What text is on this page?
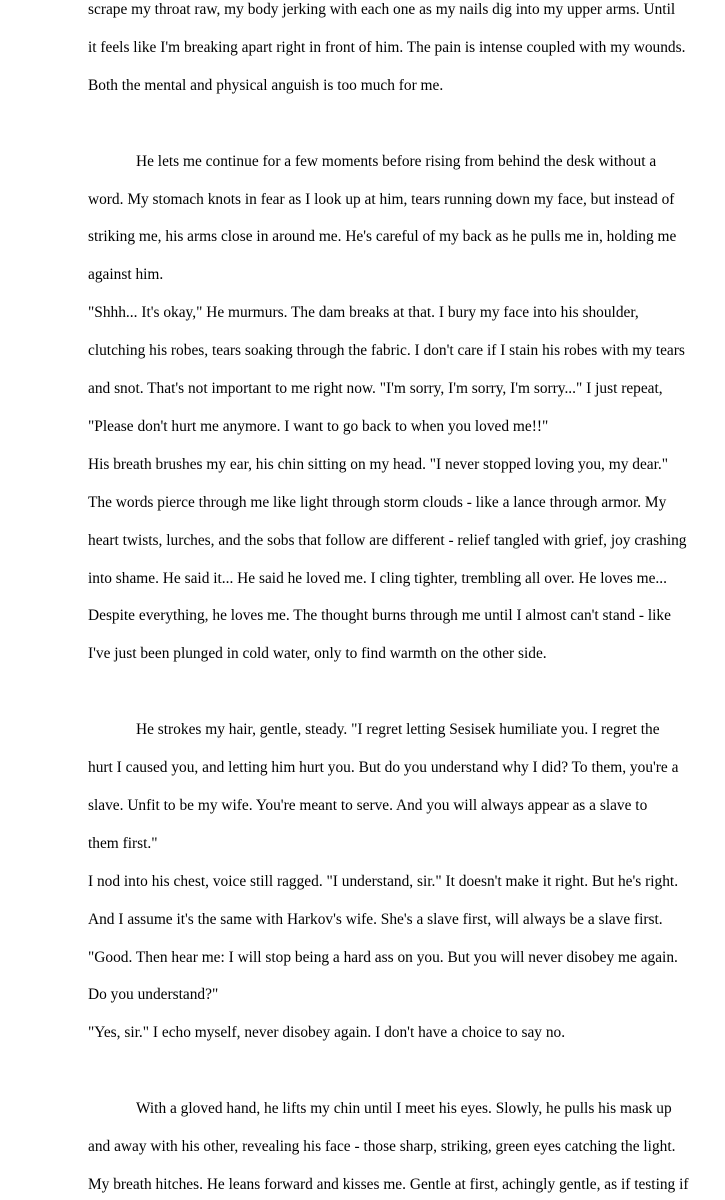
scrape my throat raw, my body jerking with each one as my nails dig into my upper arms. Until
it feels like I'm breaking apart right in front of him. The pain is intense coupled with my wounds.
Both the mental and physical anguish is too much for me.
He lets me continue for a few moments before rising from behind the desk without a
word. My stomach knots in fear as I look up at him, tears running down my face, but instead of
striking me, his arms close in around me. He's careful of my back as he pulls me in, holding me
against him.
"Shhh... It's okay," He murmurs. The dam breaks at that. I bury my face into his shoulder,
clutching his robes, tears soaking through the fabric. I don't care if I stain his robes with my tears
and snot. That's not important to me right now. "I'm sorry, I'm sorry, I'm sorry..." I just repeat,
"Please don't hurt me anymore. I want to go back to when you loved me!!"
His breath brushes my ear, his chin sitting on my head. "I never stopped loving you, my dear."
The words pierce through me like light through storm clouds - like a lance through armor. My
heart twists, lurches, and the sobs that follow are different - relief tangled with grief, joy crashing
into shame. He said it... He said he loved me. I cling tighter, trembling all over. He loves me...
Despite everything, he loves me. The thought burns through me until I almost can't stand - like
I've just been plunged in cold water, only to find warmth on the other side.
He strokes my hair, gentle, steady. "I regret letting Sesisek humiliate you. I regret the
hurt I caused you, and letting him hurt you. But do you understand why I did? To them, you're a
slave. Unfit to be my wife. You're meant to serve. And you will always appear as a slave to
them first."
I nod into his chest, voice still ragged. "I understand, sir." It doesn't make it right. But he's right.
And I assume it's the same with Harkov's wife. She's a slave first, will always be a slave first.
"Good. Then hear me: I will stop being a hard ass on you. But you will never disobey me again.
Do you understand?"
"Yes, sir." I echo myself, never disobey again. I don't have a choice to say no.
With a gloved hand, he lifts my chin until I meet his eyes. Slowly, he pulls his mask up
and away with his other, revealing his face - those sharp, striking, green eyes catching the light.
My breath hitches. He leans forward and kisses me. Gentle at first, achingly gentle, as if testing if
